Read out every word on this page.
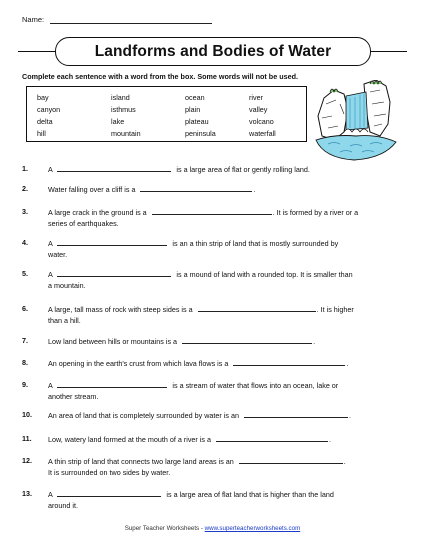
Name:
Landforms and Bodies of Water
Complete each sentence with a word from the box. Some words will not be used.
bay	island	ocean	river
canyon	isthmus	plain	valley
delta	lake	plateau	volcano
hill	mountain	peninsula	waterfall
1.	A	is a large area of flat or gently rolling land.
2.	Water falling over a cliff is a	.
3.	A large crack in the ground is a	. It is formed by a river or a
series of earthquakes.
4.	A	is an a thin strip of land that is mostly surrounded by
water.
5.	A	is a mound of land with a rounded top. It is smaller than
a mountain.
6.	A large, tall mass of rock with steep sides is a	. It is higher
than a hill.
7.	Low land between hills or mountains is a	.
8.	An opening in the earth's crust from which lava flows is a	.
9.	A	is a stream of water that flows into an ocean, lake or
another stream.
10. An area of land that is completely surrounded by water is an	.
11. Low, watery land formed at the mouth of a river is a	.
12. A thin strip of land that connects two large land areas is an	.
It is surrounded on two sides by water.
13. A	is a large area of flat land that is higher than the land
around it.
Super Teacher Worksheets - www.superteacherworksheets.com
